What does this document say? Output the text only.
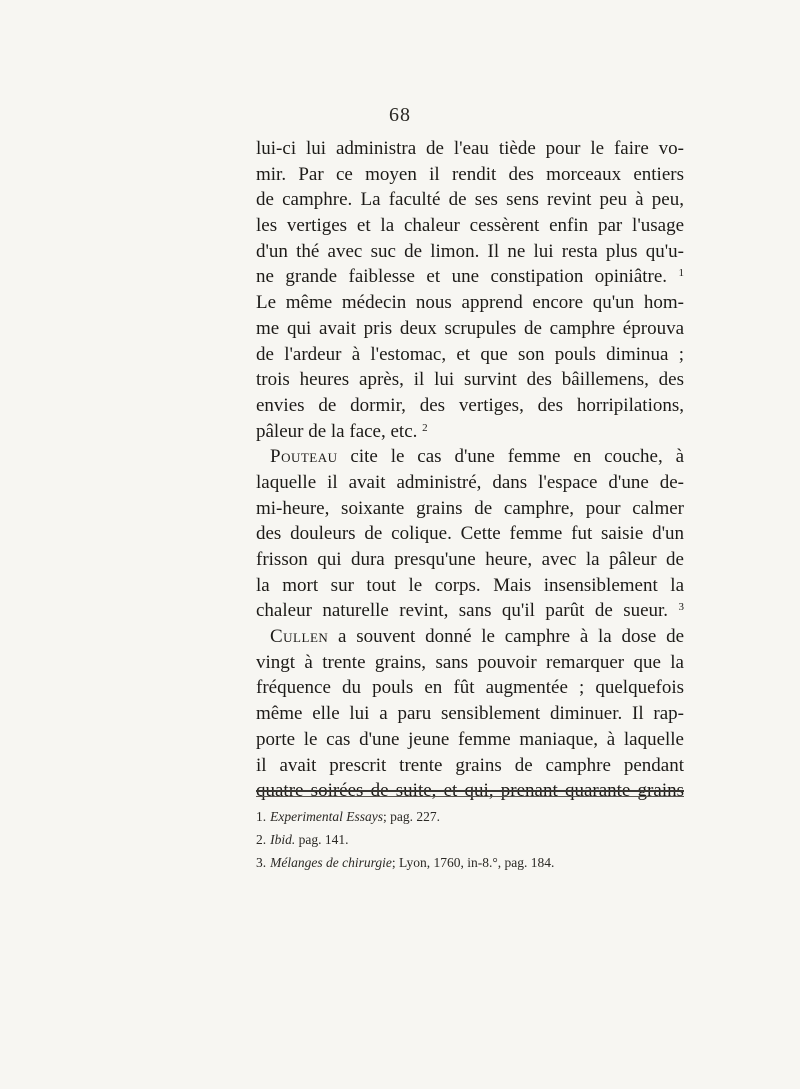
68
lui-ci lui administra de l'eau tiède pour le faire vo-
mir. Par ce moyen il rendit des morceaux entiers
de camphre. La faculté de ses sens revint peu à peu,
les vertiges et la chaleur cessèrent enfin par l'usage
d'un thé avec suc de limon. Il ne lui resta plus qu'u-
ne grande faiblesse et une constipation opiniâtre. $^1$
Le même médecin nous apprend encore qu'un hom-
me qui avait pris deux scrupules de camphre éprouva
de l'ardeur à l'estomac, et que son pouls diminua ;
trois heures après, il lui survint des bâillemens, des
envies de dormir, des vertiges, des horripilations,
pâleur de la face, etc. $^2$
Pouteau cite le cas d'une femme en couche, à
laquelle il avait administré, dans l'espace d'une de-
mi-heure, soixante grains de camphre, pour calmer
des douleurs de colique. Cette femme fut saisie d'un
frisson qui dura presqu'une heure, avec la pâleur de
la mort sur tout le corps. Mais insensiblement la
chaleur naturelle revint, sans qu'il parût de sueur. $^3$
Cullen a souvent donné le camphre à la dose de
vingt à trente grains, sans pouvoir remarquer que la
fréquence du pouls en fût augmentée ; quelquefois
même elle lui a paru sensiblement diminuer. Il rap-
porte le cas d'une jeune femme maniaque, à laquelle
il avait prescrit trente grains de camphre pendant
quatre soirées de suite, et qui, prenant quarante grains
1. Experimental Essays; pag. 227.
2. Ibid. pag. 141.
3. Mélanges de chirurgie; Lyon, 1760, in-8.°, pag. 184.
